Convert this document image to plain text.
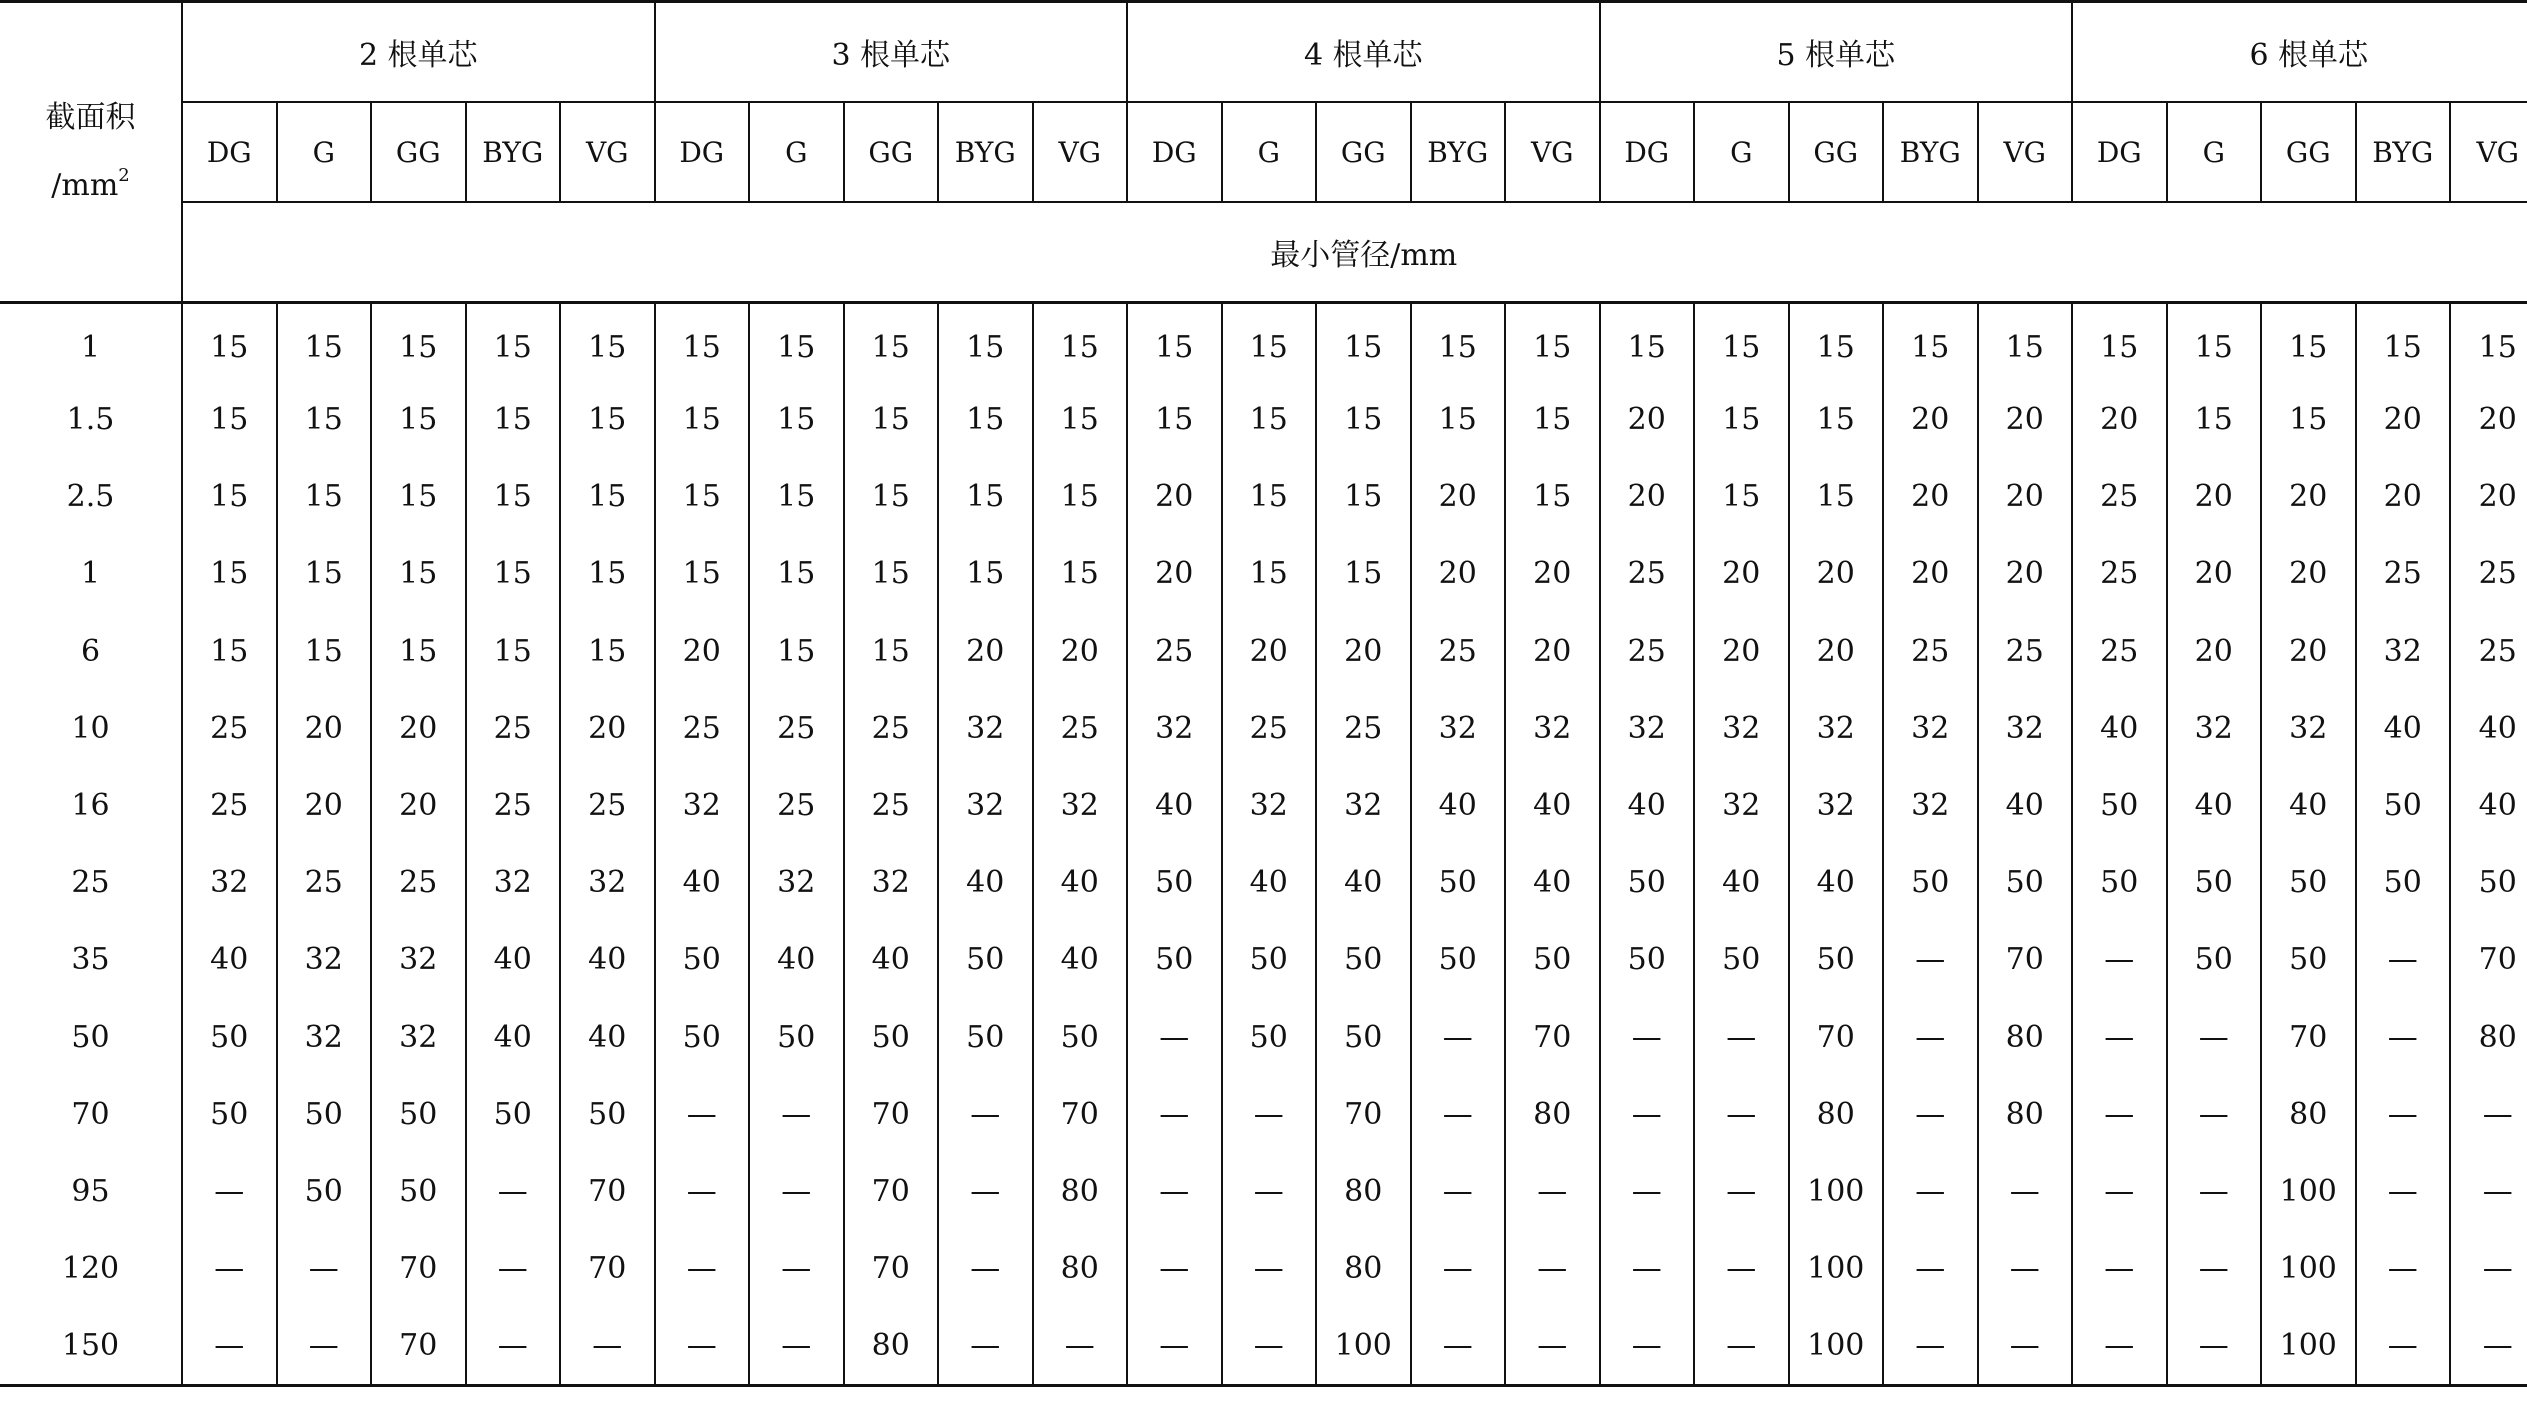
截面积
$/mm^2$	2 根单芯					3 根单芯					4 根单芯					5 根单芯					6 根单芯				
	DG	G	GG	BYG	VG	DG	G	GG	BYG	VG	DG	G	GG	BYG	VG	DG	G	GG	BYG	VG	DG	G	GG	BYG	VG
	最小管径/mm																								
1	15	15	15	15	15	15	15	15	15	15	15	15	15	15	15	15	15	15	15	15	15	15	15	15	15
1.5	15	15	15	15	15	15	15	15	15	15	15	15	15	15	15	20	15	15	20	20	20	15	15	20	20
2.5	15	15	15	15	15	15	15	15	15	15	20	15	15	20	15	20	15	15	20	20	25	20	20	20	20
1	15	15	15	15	15	15	15	15	15	15	20	15	15	20	20	25	20	20	20	20	25	20	20	25	25
6	15	15	15	15	15	20	15	15	20	20	25	20	20	25	20	25	20	20	25	25	25	20	20	32	25
10	25	20	20	25	20	25	25	25	32	25	32	25	25	32	32	32	32	32	32	32	40	32	32	40	40
16	25	20	20	25	25	32	25	25	32	32	40	32	32	40	40	40	32	32	32	40	50	40	40	50	40
25	32	25	25	32	32	40	32	32	40	40	50	40	40	50	40	50	40	40	50	50	50	50	50	50	50
35	40	32	32	40	40	50	40	40	50	40	50	50	50	50	50	50	50	50	—	70	—	50	50	—	70
50	50	32	32	40	40	50	50	50	50	50	—	50	50	—	70	—	—	70	—	80	—	—	70	—	80
70	50	50	50	50	50	—	—	70	—	70	—	—	70	—	80	—	—	80	—	80	—	—	80	—	—
95	—	50	50	—	70	—	—	70	—	80	—	—	80	—	—	—	—	100	—	—	—	—	100	—	—
120	—	—	70	—	70	—	—	70	—	80	—	—	80	—	—	—	—	100	—	—	—	—	100	—	—
150	—	—	70	—	—	—	—	80	—	—	—	—	100	—	—	—	—	100	—	—	—	—	100	—	—
